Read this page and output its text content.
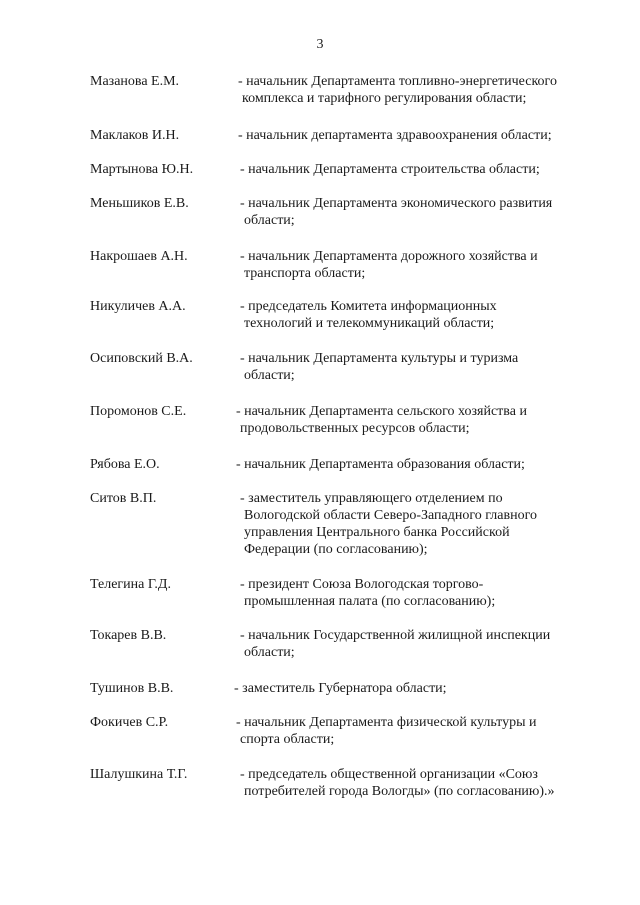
3
Мазанова Е.М.	- начальник Департамента топливно-энергетического
комплекса и тарифного регулирования области;
Маклаков И.Н.	- начальник департамента здравоохранения области;
Мартынова Ю.Н.	- начальник Департамента строительства области;
Меньшиков Е.В.	- начальник Департамента экономического развития
области;
Накрошаев А.Н.	- начальник Департамента дорожного хозяйства и
транспорта области;
Никуличев А.А.	- председатель Комитета информационных
технологий и телекоммуникаций области;
Осиповский В.А.	- начальник Департамента культуры и туризма
области;
Поромонов С.Е.	- начальник Департамента сельского хозяйства и
продовольственных ресурсов области;
Рябова Е.О.	- начальник Департамента образования области;
Ситов В.П.	- заместитель управляющего отделением по
Вологодской области Северо-Западного главного
управления Центрального банка Российской
Федерации (по согласованию);
Телегина Г.Д.	- президент Союза Вологодская торгово-
промышленная палата (по согласованию);
Токарев В.В.	- начальник Государственной жилищной инспекции
области;
Тушинов В.В.	- заместитель Губернатора области;
Фокичев С.Р.	- начальник Департамента физической культуры и
спорта области;
Шалушкина Т.Г.	- председатель общественной организации «Союз
потребителей города Вологды» (по согласованию).»
